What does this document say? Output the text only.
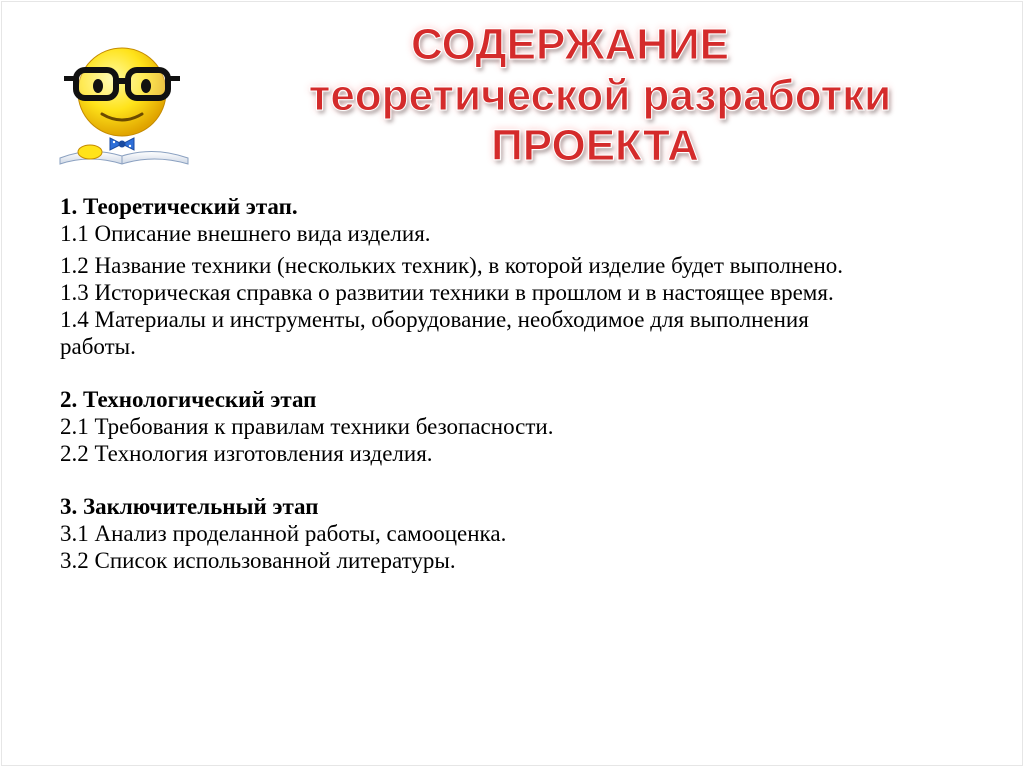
СОДЕРЖАНИЕ
теоретической разработки
ПРОЕКТА
1. Теоретический этап.
1.1 Описание внешнего вида изделия.
1.2 Название техники (нескольких техник), в которой изделие будет выполнено.
1.3 Историческая справка о развитии техники в прошлом и в настоящее время.
1.4 Материалы и инструменты, оборудование, необходимое для выполнения работы.
2. Технологический этап
2.1 Требования к правилам техники безопасности.
2.2 Технология изготовления изделия.
3. Заключительный этап
3.1 Анализ проделанной работы, самооценка.
3.2 Список использованной литературы.
